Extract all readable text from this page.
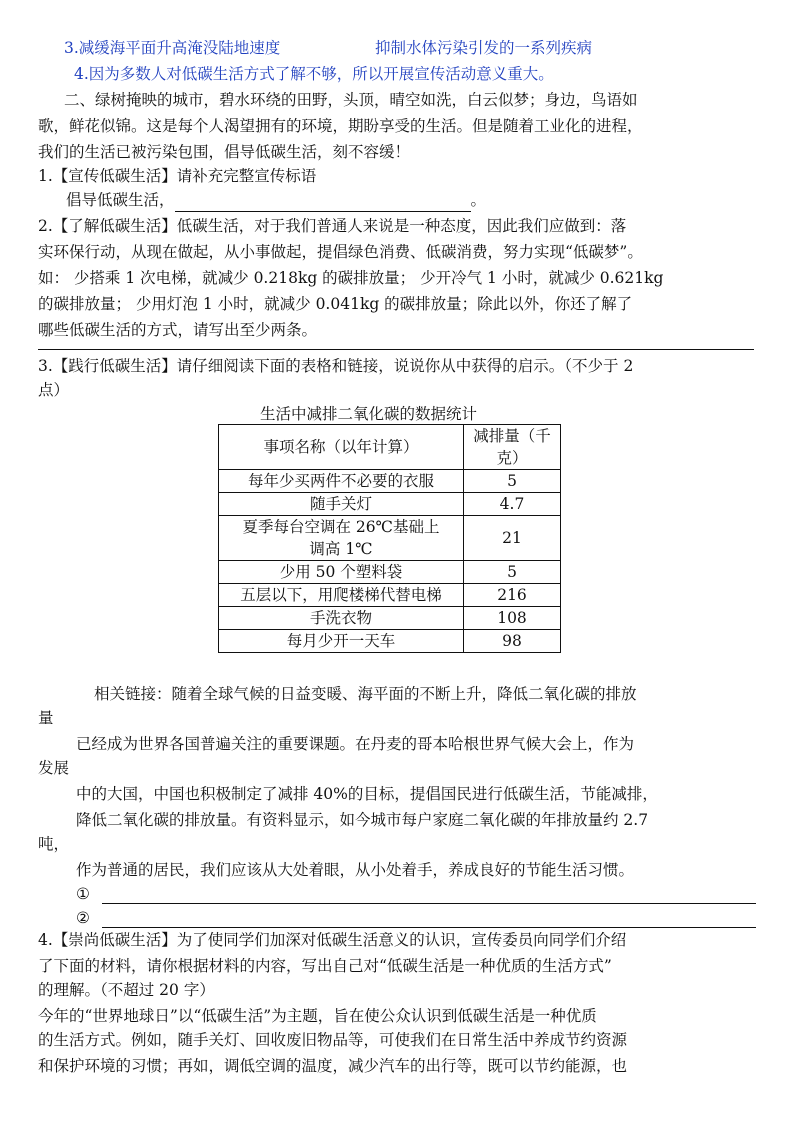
3.减缓海平面升高淹没陆地速度	抑制水体污染引发的一系列疾病
4.因为多数人对低碳生活方式了解不够，所以开展宣传活动意义重大。
二、绿树掩映的城市，碧水环绕的田野，头顶，晴空如洗，白云似梦；身边，鸟语如
歌，鲜花似锦。这是每个人渴望拥有的环境，期盼享受的生活。但是随着工业化的进程，
我们的生活已被污染包围，倡导低碳生活，刻不容缓！
1.【宣传低碳生活】请补充完整宣传标语
倡导低碳生活，	。
2.【了解低碳生活】低碳生活，对于我们普通人来说是一种态度，因此我们应做到：落
实环保行动，从现在做起，从小事做起，提倡绿色消费、低碳消费，努力实现“低碳梦”。
如： 少搭乘 1 次电梯，就减少 0.218kg 的碳排放量； 少开冷气 1 小时，就减少 0.621kg
的碳排放量； 少用灯泡 1 小时，就减少 0.041kg 的碳排放量；除此以外，你还了解了
哪些低碳生活的方式，请写出至少两条。
3.【践行低碳生活】请仔细阅读下面的表格和链接，说说你从中获得的启示。（不少于 2
点）
生活中减排二氧化碳的数据统计
事项名称（以年计算）	减排量（千
克）

每年少买两件不必要的衣服	5
随手关灯	4.7

夏季每台空调在 26℃基础上
调高 1℃	21
少用 50 个塑料袋	5
五层以下，用爬楼梯代替电梯	216
手洗衣物	108
每月少开一天车	98
相关链接：随着全球气候的日益变暖、海平面的不断上升，降低二氧化碳的排放
量
已经成为世界各国普遍关注的重要课题。在丹麦的哥本哈根世界气候大会上，作为
发展
中的大国，中国也积极制定了减排 40%的目标，提倡国民进行低碳生活，节能减排，
降低二氧化碳的排放量。有资料显示，如今城市每户家庭二氧化碳的年排放量约 2.7
吨，
作为普通的居民，我们应该从大处着眼，从小处着手，养成良好的节能生活习惯。
①
②
4.【崇尚低碳生活】为了使同学们加深对低碳生活意义的认识，宣传委员向同学们介绍
了下面的材料，请你根据材料的内容，写出自己对“低碳生活是一种优质的生活方式”
的理解。（不超过 20 字）
今年的“世界地球日”以“低碳生活”为主题，旨在使公众认识到低碳生活是一种优质
的生活方式。例如，随手关灯、回收废旧物品等，可使我们在日常生活中养成节约资源
和保护环境的习惯；再如，调低空调的温度，减少汽车的出行等，既可以节约能源，也
